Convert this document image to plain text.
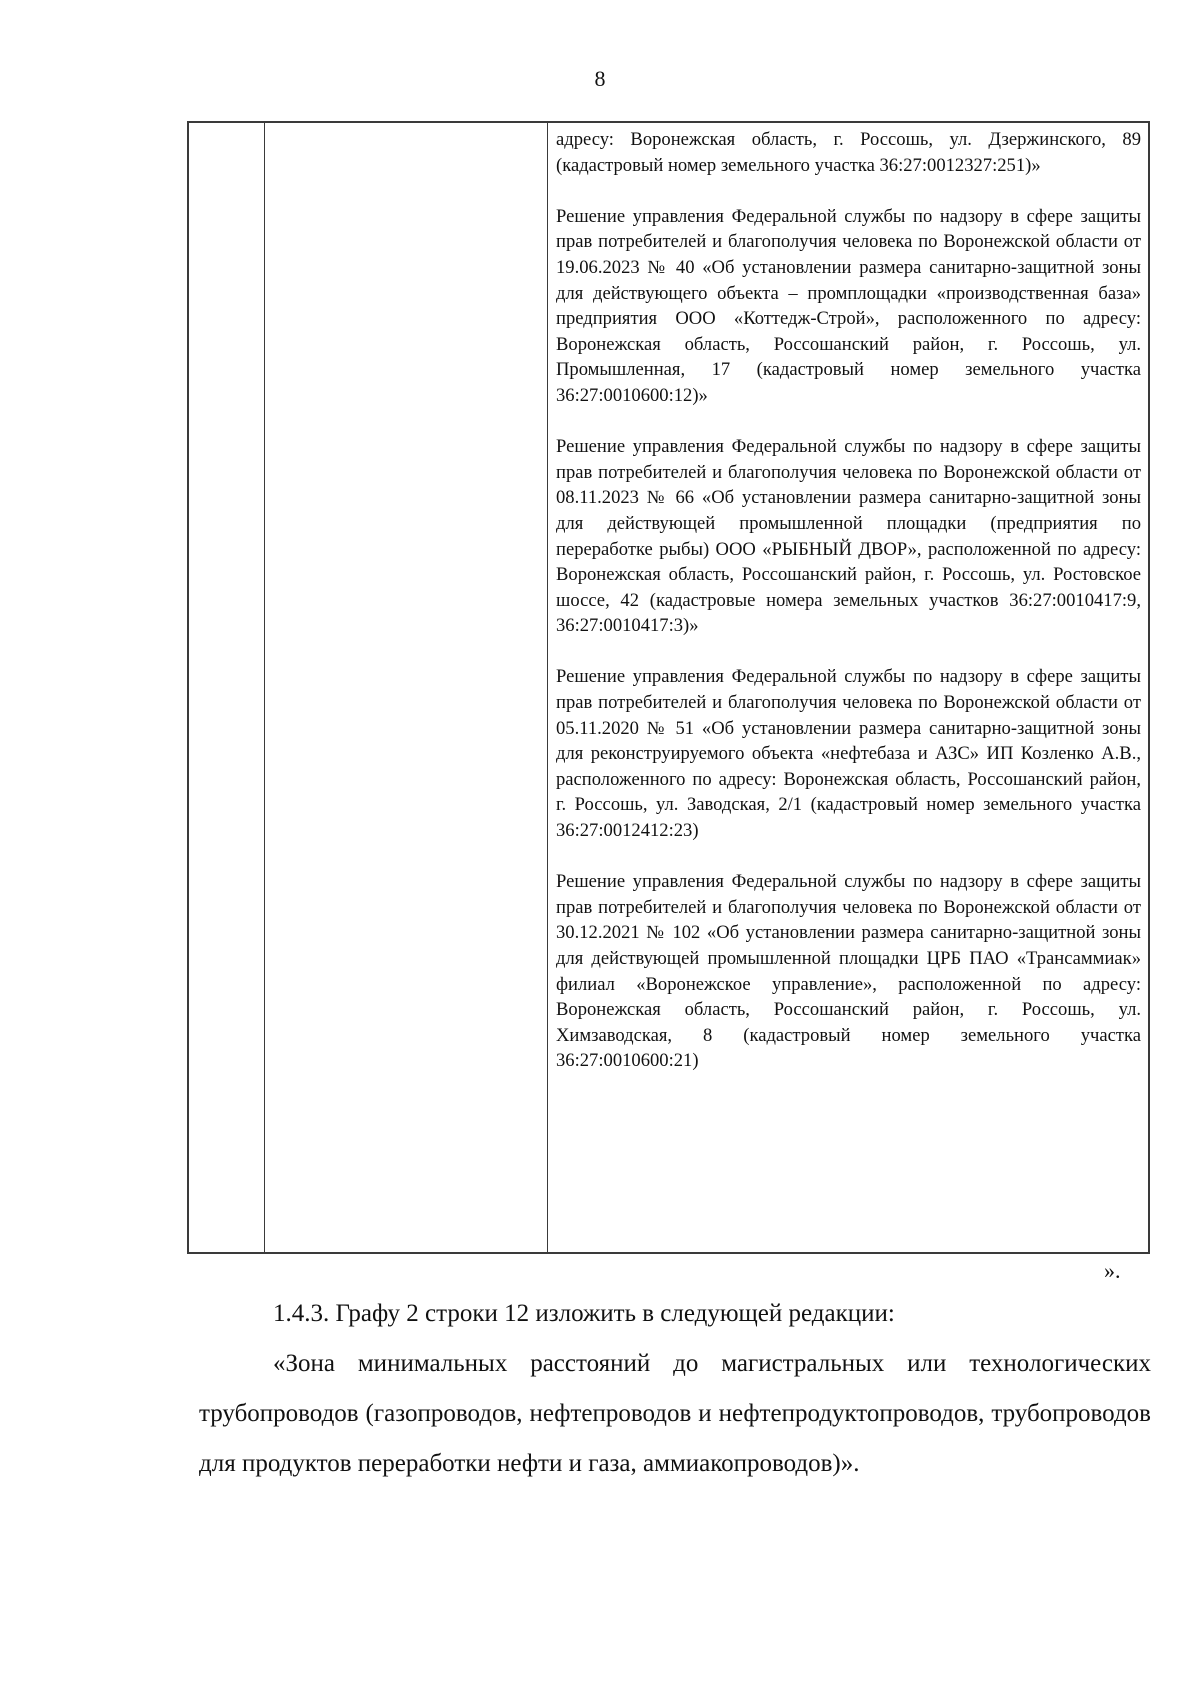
8

адресу: Воронежская область, г. Россошь, ул. Дзержинского, 89 (кадастровый номер земельного участка 36:27:0012327:251)»

Решение управления Федеральной службы по надзору в сфере защиты прав потребителей и благополучия человека по Воронежской области от 19.06.2023 № 40 «Об установлении размера санитарно-защитной зоны для действующего объекта – промплощадки «производственная база» предприятия ООО «Коттедж-Строй», расположенного по адресу: Воронежская область, Россошанский район, г. Россошь, ул. Промышленная, 17 (кадастровый номер земельного участка 36:27:0010600:12)»

Решение управления Федеральной службы по надзору в сфере защиты прав потребителей и благополучия человека по Воронежской области от 08.11.2023 № 66 «Об установлении размера санитарно-защитной зоны для действующей промышленной площадки (предприятия по переработке рыбы) ООО «РЫБНЫЙ ДВОР», расположенной по адресу: Воронежская область, Россошанский район, г. Россошь, ул. Ростовское шоссе, 42 (кадастровые номера земельных участков 36:27:0010417:9, 36:27:0010417:3)»

Решение управления Федеральной службы по надзору в сфере защиты прав потребителей и благополучия человека по Воронежской области от 05.11.2020 № 51 «Об установлении размера санитарно-защитной зоны для реконструируемого объекта «нефтебаза и АЗС» ИП Козленко А.В., расположенного по адресу: Воронежская область, Россошанский район, г. Россошь, ул. Заводская, 2/1 (кадастровый номер земельного участка 36:27:0012412:23)

Решение управления Федеральной службы по надзору в сфере защиты прав потребителей и благополучия человека по Воронежской области от 30.12.2021 № 102 «Об установлении размера санитарно-защитной зоны для действующей промышленной площадки ЦРБ ПАО «Трансаммиак» филиал «Воронежское управление», расположенной по адресу: Воронежская область, Россошанский район, г. Россошь, ул. Химзаводская, 8 (кадастровый номер земельного участка 36:27:0010600:21)

».
1.4.3. Графу 2 строки 12 изложить в следующей редакции:
«Зона минимальных расстояний до магистральных или технологических трубопроводов (газопроводов, нефтепроводов и нефтепродуктопроводов, трубопроводов для продуктов переработки нефти и газа, аммиакопроводов)».
